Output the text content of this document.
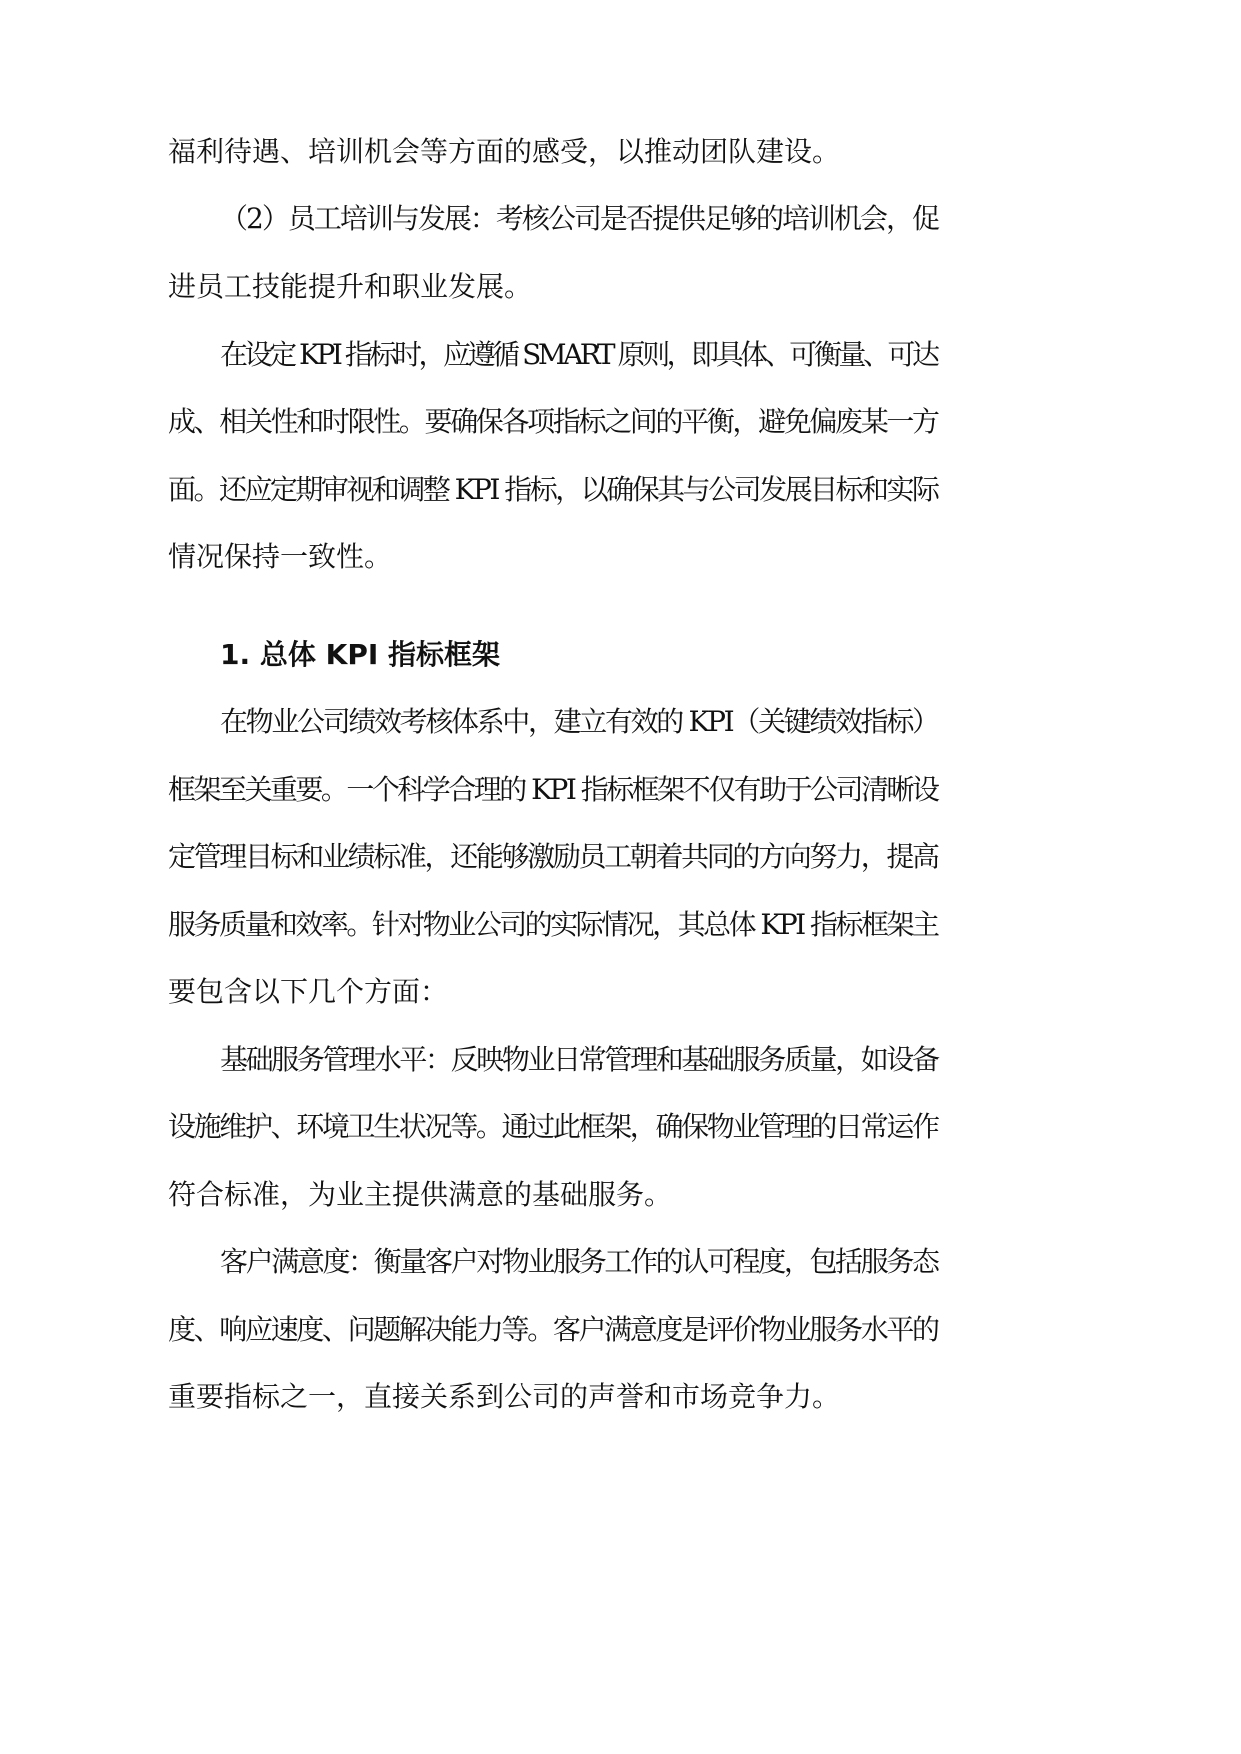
福利待遇、培训机会等方面的感受，以推动团队建设。
（2）员工培训与发展：考核公司是否提供足够的培训机会，促
进员工技能提升和职业发展。
在设定 KPI 指标时，应遵循 SMART 原则，即具体、可衡量、可达
成、相关性和时限性。要确保各项指标之间的平衡，避免偏废某一方
面。还应定期审视和调整 KPI 指标，以确保其与公司发展目标和实际
情况保持一致性。
1. 总体 KPI 指标框架
在物业公司绩效考核体系中，建立有效的 KPI（关键绩效指标）
框架至关重要。一个科学合理的 KPI 指标框架不仅有助于公司清晰设
定管理目标和业绩标准，还能够激励员工朝着共同的方向努力，提高
服务质量和效率。针对物业公司的实际情况，其总体 KPI 指标框架主
要包含以下几个方面：
基础服务管理水平：反映物业日常管理和基础服务质量，如设备
设施维护、环境卫生状况等。通过此框架，确保物业管理的日常运作
符合标准，为业主提供满意的基础服务。
客户满意度：衡量客户对物业服务工作的认可程度，包括服务态
度、响应速度、问题解决能力等。客户满意度是评价物业服务水平的
重要指标之一，直接关系到公司的声誉和市场竞争力。
